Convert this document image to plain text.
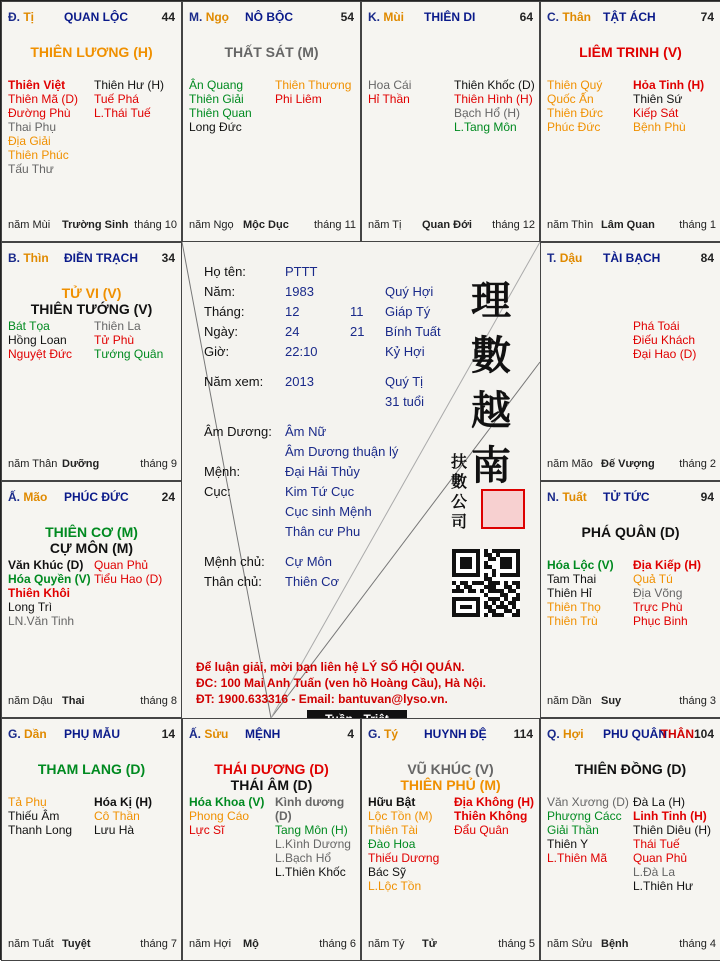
Họ tên:	PTTT
Năm:	1983	Quý Hợi
Tháng:	12	11 Giáp Tý
Ngày:	24	21 Bính Tuất
Giờ:	22:10	Kỷ Hợi
Năm xem: 2013	Quý Tị
31 tuổi
Âm Dương: Âm Nữ
Âm Dương thuận lý
Mệnh:	Đại Hải Thủy
Cục:	Kim Tứ Cục
Cục sinh Mệnh
Thân cư Phu
Mệnh chủ: Cự Môn
Thân chủ: Thiên Cơ
Đ. Tị QUAN LỘC	44
THIÊN LƯƠNG (H)
Thiên Việt
Thiên Mã (D)
Đường Phù
Thai Phụ
Địa Giải
Thiên Phúc
Tấu Thư
Thiên Hư (H)
Tuế Phá
L.Thái Tuế
năm Mùi Trường Sinh tháng 10
M. Ngọ NÔ BỘC	54
THẤT SÁT (M)
Ân Quang
Thiên Giải
Thiên Quan
Long Đức
Thiên Thương
Phi Liêm
năm Ngọ Mộc Dục tháng 11
K. Mùi THIÊN DI	64
Hoa Cái
Hỉ Thần
Thiên Khốc (D)
Thiên Hình (H)
Bạch Hổ (H)
L.Tang Môn
năm Tị Quan Đới tháng 12
C. Thân TẬT ÁCH	74
LIÊM TRINH (V)
Thiên Quý
Quốc Ấn
Thiên Đức
Phúc Đức
Hỏa Tinh (H)
Thiên Sứ
Kiếp Sát
Bệnh Phù
năm Thìn Lâm Quan tháng 1
B. Thìn ĐIỀN TRẠCH 34
TỬ VI (V)
THIÊN TƯỚNG (V)
Bát Tọa
Hồng Loan
Nguyệt Đức
Thiên La
Tử Phù
Tướng Quân
năm Thân Dưỡng	tháng 9
T. Dậu TÀI BẠCH	84
Phá Toái
Điếu Khách
Đại Hao (D)
năm Mão Đế Vượng tháng 2
Ấ. Mão PHÚC ĐỨC	24
THIÊN CƠ (M)
CỰ MÔN (M)
Văn Khúc (D)
Hóa Quyền (V)
Thiên Khôi
Long Trì
LN.Văn Tinh
Quan Phủ
Tiểu Hao (D)
năm Dậu Thai	tháng 8
N. Tuất TỬ TỨC	94
PHÁ QUÂN (D)
Hóa Lộc (V)
Tam Thai
Thiên Hỉ
Thiên Thọ
Thiên Trù
Địa Kiếp (H)
Quả Tú
Địa Võng
Trực Phù
Phục Binh
năm Dần Suy	tháng 3
G. Dần PHỤ MẪU	14
THAM LANG (D)
Tả Phụ
Thiếu Âm
Thanh Long
Hóa Kị (H)
Cô Thần
Lưu Hà
năm Tuất Tuyệt	tháng 7
Ấ. Sửu MỆNH	4
THÁI DƯƠNG (D)
THÁI ÂM (D)
Hóa Khoa (V)
Phong Cáo
Lực Sĩ
Kình dương (D)
Tang Môn (H)
L.Kình Dương
L.Bạch Hổ
L.Thiên Khốc
năm Hợi Mộ	tháng 6
G. Tý HUYNH ĐỆ 114
VŨ KHÚC (V)
THIÊN PHỦ (M)
Hữu Bật
Lộc Tồn (M)
Thiên Tài
Đào Hoa
Thiếu Dương
Bác Sỹ
L.Lộc Tồn
Địa Không (H)
Thiên Không
Đẩu Quân
năm Tý Tử	tháng 5
Q. Hợi PHU QUÂN
THÂN 104
THIÊN ĐỒNG (D)
Văn Xương (D)
Phượng Cácc
Giải Thần
Thiên Y
L.Thiên Mã
Đà La (H)
Linh Tinh (H)
Thiên Diêu (H)
Thái Tuế
Quan Phủ
L.Đà La
L.Thiên Hư
năm Sửu Bệnh	tháng 4
理
數
越
南
扶
數
公
司
Để luận giải, mời bạn liên hệ LÝ SỐ HỘI QUÁN.
ĐC: 100 Mai Anh Tuấn (ven hồ Hoàng Cầu), Hà Nội.
ĐT: 1900.633316 - Email: bantuvan@lyso.vn.
